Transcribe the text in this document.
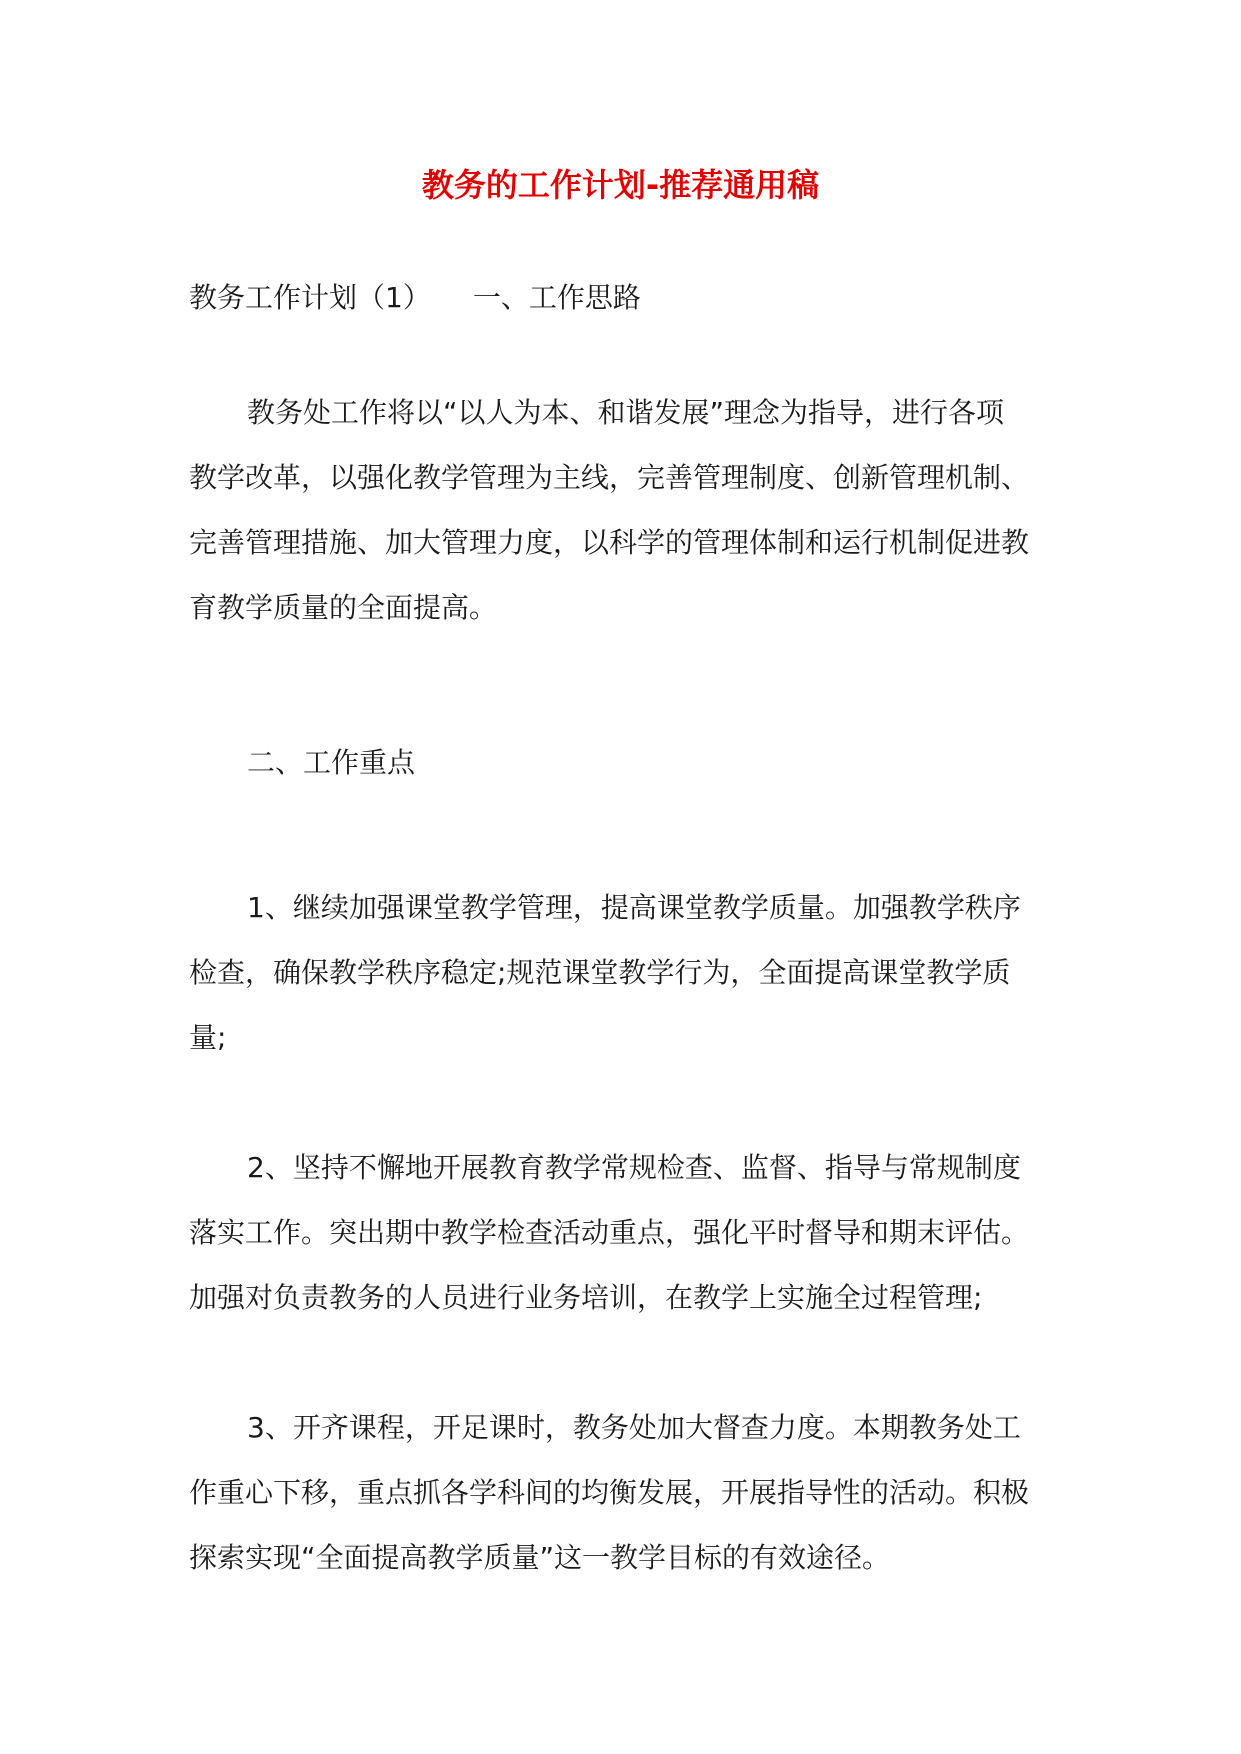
教务的工作计划-推荐通用稿

教务工作计划（1）　　一、工作思路

教务处工作将以“以人为本、和谐发展”理念为指导，进行各项
教学改革，以强化教学管理为主线，完善管理制度、创新管理机制、
完善管理措施、加大管理力度，以科学的管理体制和运行机制促进教
育教学质量的全面提高。

二、工作重点

1、继续加强课堂教学管理，提高课堂教学质量。加强教学秩序
检查，确保教学秩序稳定;规范课堂教学行为，全面提高课堂教学质
量;

2、坚持不懈地开展教育教学常规检查、监督、指导与常规制度
落实工作。突出期中教学检查活动重点，强化平时督导和期末评估。
加强对负责教务的人员进行业务培训，在教学上实施全过程管理;

3、开齐课程，开足课时，教务处加大督查力度。本期教务处工
作重心下移，重点抓各学科间的均衡发展，开展指导性的活动。积极
探索实现“全面提高教学质量”这一教学目标的有效途径。
